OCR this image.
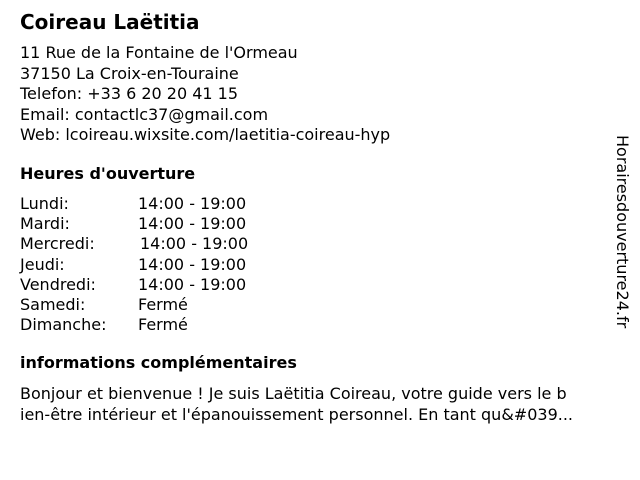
Coireau Laëtitia
11 Rue de la Fontaine de l'Ormeau
37150 La Croix-en-Touraine
Telefon: +33 6 20 20 41 15
Email: contactlc37@gmail.com
Web: lcoireau.wixsite.com/laetitia-coireau-hyp
Heures d'ouverture
Lundi:	14:00 - 19:00
Mardi:	14:00 - 19:00
Mercredi:	14:00 - 19:00
Jeudi:	14:00 - 19:00
Vendredi:	14:00 - 19:00
Samedi:	Fermé
Dimanche: Fermé
informations complémentaires
Bonjour et bienvenue ! Je suis Laëtitia Coireau, votre guide vers le b
ien-être intérieur et l'épanouissement personnel. En tant qu&#039...
Horairesdouverture24.fr
